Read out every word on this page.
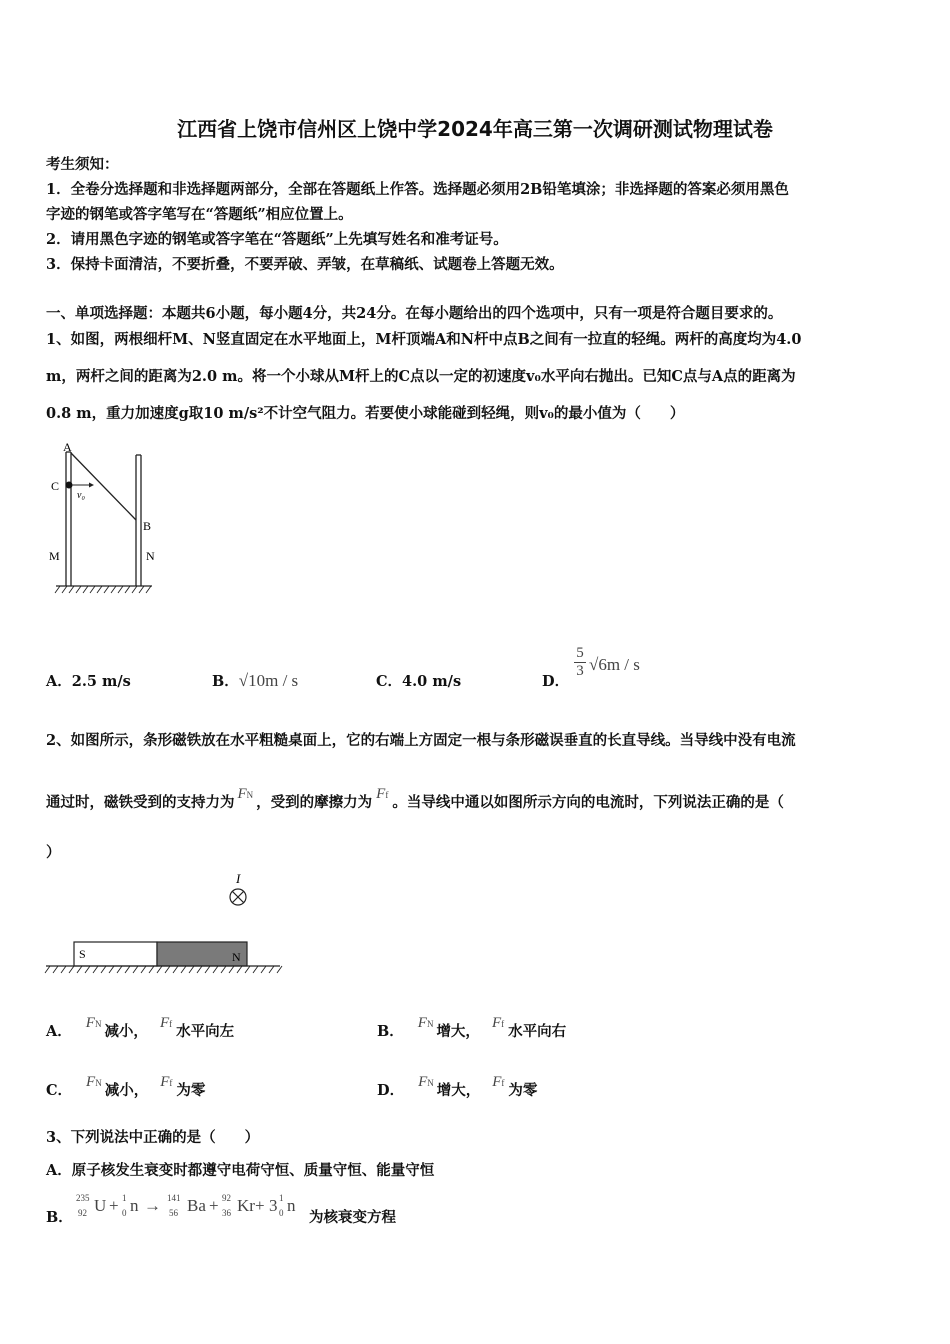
江西省上饶市信州区上饶中学2024年高三第一次调研测试物理试卷
考生须知：
1．全卷分选择题和非选择题两部分，全部在答题纸上作答。选择题必须用2B铅笔填涂；非选择题的答案必须用黑色
字迹的钢笔或答字笔写在“答题纸”相应位置上。
2．请用黑色字迹的钢笔或答字笔在“答题纸”上先填写姓名和准考证号。
3．保持卡面清洁，不要折叠，不要弄破、弄皱，在草稿纸、试题卷上答题无效。
一、单项选择题：本题共6小题，每小题4分，共24分。在每小题给出的四个选项中，只有一项是符合题目要求的。
1、如图，两根细杆M、N竖直固定在水平地面上，M杆顶端A和N杆中点B之间有一拉直的轻绳。两杆的高度均为4.0
m，两杆之间的距离为2.0 m。将一个小球从M杆上的C点以一定的初速度v₀水平向右抛出。已知C点与A点的距离为
0.8 m，重力加速度g取10 m/s²不计空气阻力。若要使小球能碰到轻绳，则v₀的最小值为（　　）
A
C
v₀
B
M	N
A．2.5 m/s	B．√10m / s	C．4.0 m/s	D．
$\frac{5}{3} √6m$ / s
2、如图所示，条形磁铁放在水平粗糙桌面上，它的右端上方固定一根与条形磁误垂直的长直导线。当导线中没有电流
通过时，磁铁受到的支持力为 FN ，受到的摩擦力为 Ff 。当导线中通以如图所示方向的电流时，下列说法正确的是（
）
I
S	N
A． FN 减小， Ff 水平向左	B． FN 增大， Ff 水平向右
C． FN 减小， Ff 为零	D． FN 增大， Ff 为零
3、下列说法中正确的是（　　）
A．原子核发生衰变时都遵守电荷守恒、质量守恒、能量守恒
B．
235
92 U + 1
0 n → 141
56 Ba + 92
36 Kr + 3 1
0 n
为核衰变方程
